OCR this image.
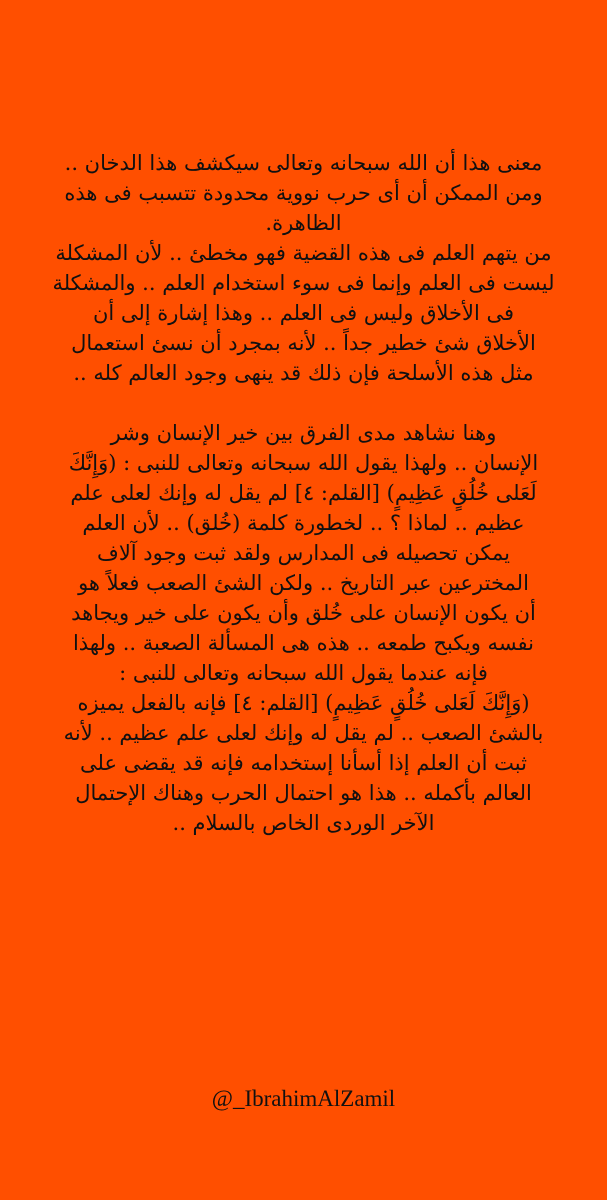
معنى هذا أن الله سبحانه وتعالى سيكشف هذا الدخان ..
ومن الممكن أن أى حرب نووية محدودة تتسبب فى هذه
الظاهرة.
من يتهم العلم فى هذه القضية فهو مخطئ .. لأن المشكلة
ليست فى العلم وإنما فى سوء استخدام العلم .. والمشكلة
فى الأخلاق وليس فى العلم .. وهذا إشارة إلى أن
الأخلاق شئ خطير جداً .. لأنه بمجرد أن نسئ استعمال
مثل هذه الأسلحة فإن ذلك قد ينهى وجود العالم كله ..
وهنا نشاهد مدى الفرق بين خير الإنسان وشر
الإنسان .. ولهذا يقول الله سبحانه وتعالى للنبى : (وَإِنَّكَ
لَعَلى خُلُقٍ عَظِيمٍ) [القلم: ٤] لم يقل له وإنك لعلى علم
عظيم .. لماذا ؟ .. لخطورة كلمة (خُلق) .. لأن العلم
يمكن تحصيله فى المدارس ولقد ثبت وجود آلاف
المخترعين عبر التاريخ .. ولكن الشئ الصعب فعلاً هو
أن يكون الإنسان على خُلق وأن يكون على خير ويجاهد
نفسه ويكبح طمعه .. هذه هى المسألة الصعبة .. ولهذا
فإنه عندما يقول الله سبحانه وتعالى للنبى :
(وَإِنَّكَ لَعَلى خُلُقٍ عَظِيمٍ) [القلم: ٤] فإنه بالفعل يميزه
بالشئ الصعب .. لم يقل له وإنك لعلى علم عظيم .. لأنه
ثبت أن العلم إذا أسأنا إستخدامه فإنه قد يقضى على
العالم بأكمله .. هذا هو احتمال الحرب وهناك الإحتمال
الآخر الوردى الخاص بالسلام ..
@_IbrahimAlZamil
